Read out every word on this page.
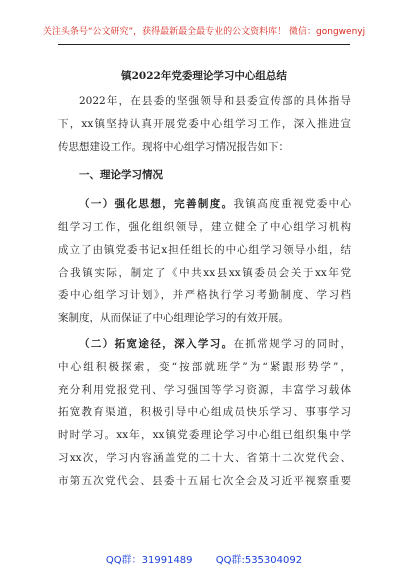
关注头条号“公文研究”，获得最新最全最专业的公文资料库！ 微信：gongwenyj
镇2022年党委理论学习中心组总结
2022年，在县委的坚强领导和县委宣传部的具体指导
下，xx镇坚持认真开展党委中心组学习工作，深入推进宣
传思想建设工作。现将中心组学习情况报告如下：
一、理论学习情况
（一）强化思想，完善制度。我镇高度重视党委中心
组学习工作，强化组织领导，建立健全了中心组学习机构
成立了由镇党委书记x担任组长的中心组学习领导小组，结
合我镇实际，制定了《中共xx县xx镇委员会关于xx年党
委中心组学习计划》，并严格执行学习考勤制度、学习档
案制度，从而保证了中心组理论学习的有效开展。
（二）拓宽途径，深入学习。在抓常规学习的同时，
中心组积极探索，变“按部就班学”为“紧跟形势学”，
充分利用党报党刊、学习强国等学习资源，丰富学习载体
拓宽教育渠道，积极引导中心组成员快乐学习、事事学习
时时学习。xx年，xx镇党委理论学习中心组已组织集中学
习xx次，学习内容涵盖党的二十大、省第十二次党代会、
市第五次党代会、县委十五届七次全会及习近平视察重要
QQ群：31991489 QQ群:535304092
